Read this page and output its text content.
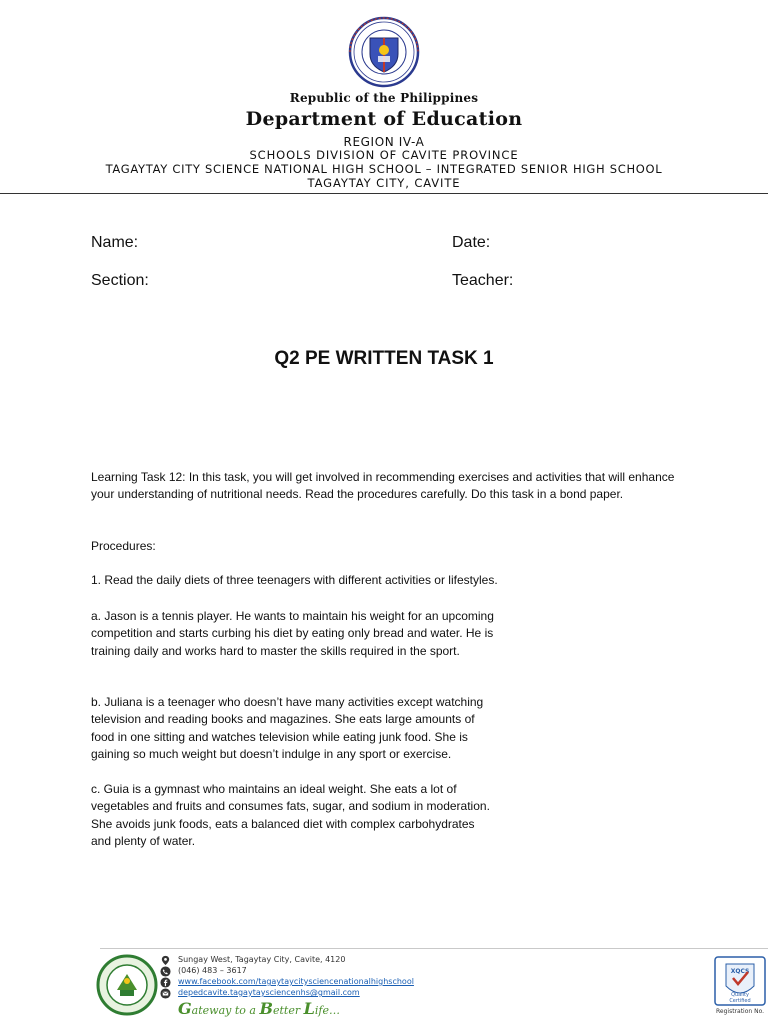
Republic of the Philippines
Department of Education
REGION IV-A
SCHOOLS DIVISION OF CAVITE PROVINCE
TAGAYTAY CITY SCIENCE NATIONAL HIGH SCHOOL – INTEGRATED SENIOR HIGH SCHOOL
TAGAYTAY CITY, CAVITE
Name:	Date:
Section:	Teacher:
Q2 PE WRITTEN TASK 1
Learning Task 12: In this task, you will get involved in recommending exercises and activities that will enhance your understanding of nutritional needs. Read the procedures carefully. Do this task in a bond paper.
Procedures:
1. Read the daily diets of three teenagers with different activities or lifestyles.
a. Jason is a tennis player. He wants to maintain his weight for an upcoming competition and starts curbing his diet by eating only bread and water. He is training daily and works hard to master the skills required in the sport.
b. Juliana is a teenager who doesn’t have many activities except watching television and reading books and magazines. She eats large amounts of food in one sitting and watches television while eating junk food. She is gaining so much weight but doesn’t indulge in any sport or exercise.
c. Guia is a gymnast who maintains an ideal weight. She eats a lot of vegetables and fruits and consumes fats, sugar, and sodium in moderation. She avoids junk foods, eats a balanced diet with complex carbohydrates and plenty of water.
Sungay West, Tagaytay City, Cavite, 4120
(046) 483 – 3617
www.facebook.com/tagaytaycitysciencenationalhighschool
depedcavite.tagaytaysciencenhs@gmail.com
Gateway to a Better Life…
XQCS
Quality
Certified
Registration No.
